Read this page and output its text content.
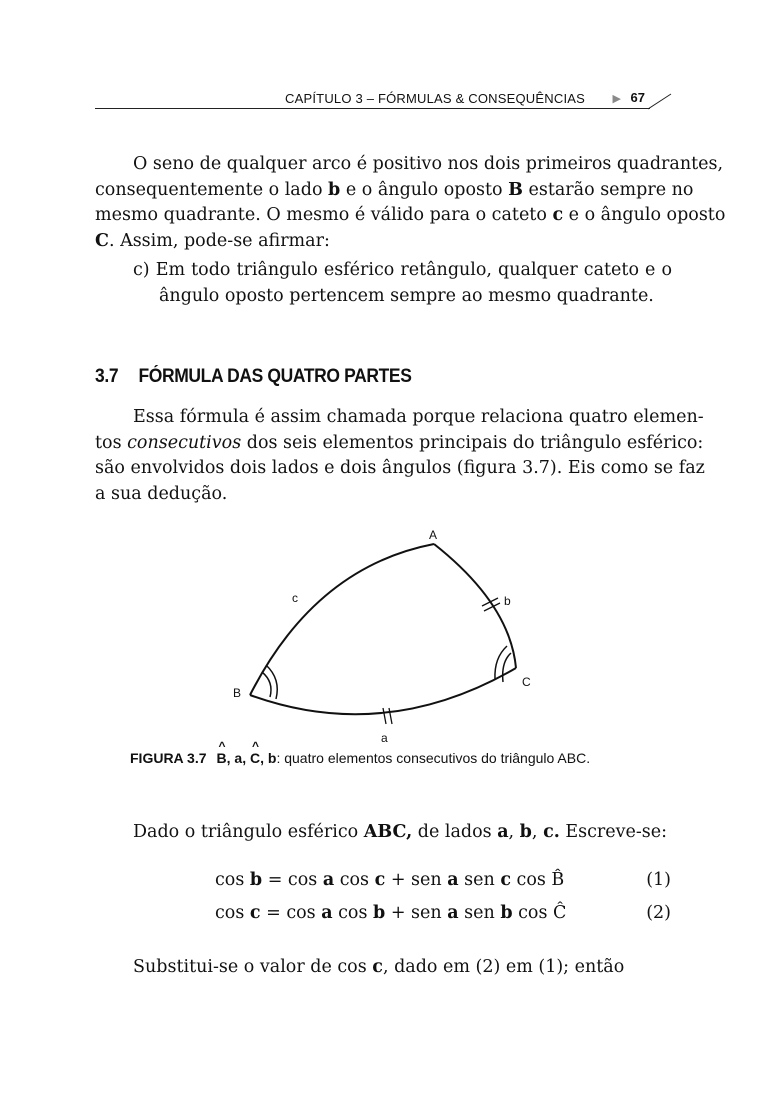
CAPÍTULO 3 – FÓRMULAS & CONSEQUÊNCIAS	▶ 67
O seno de qualquer arco é positivo nos dois primeiros quadrantes,
consequentemente o lado b e o ângulo oposto B estarão sempre no
mesmo quadrante. O mesmo é válido para o cateto c e o ângulo oposto
C. Assim, pode-se afirmar:
c) Em todo triângulo esférico retângulo, qualquer cateto e o
ângulo oposto pertencem sempre ao mesmo quadrante.
3.7 FÓRMULA DAS QUATRO PARTES
Essa fórmula é assim chamada porque relaciona quatro elemen-
tos consecutivos dos seis elementos principais do triângulo esférico:
são envolvidos dois lados e dois ângulos (figura 3.7). Eis como se faz
a sua dedução.
A
B
C
a
b
c
FIGURA 3.7^ B, a, ^ C, b: quatro elementos consecutivos do triângulo ABC.
Dado o triângulo esférico ABC, de lados a, b, c. Escreve-se:
cos b = cos a cos c + sen a sen c cos B̂	(1)
cos c = cos a cos b + sen a sen b cos Ĉ	(2)
Substitui-se o valor de cos c, dado em (2) em (1); então
